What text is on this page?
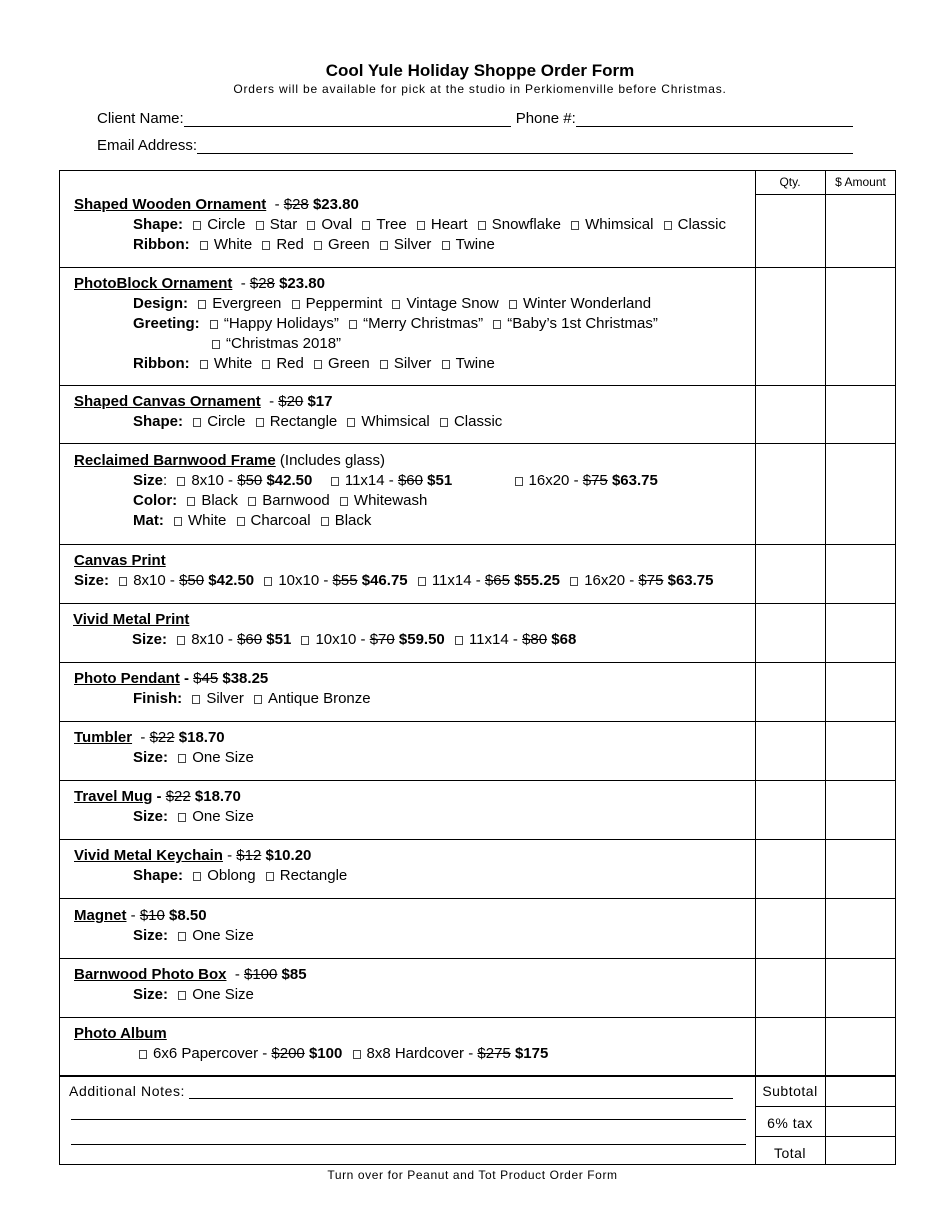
Cool Yule Holiday Shoppe Order Form
Orders will be available for pick at the studio in Perkiomenville before Christmas.
Client Name:	Phone #:
Email Address:
Qty.	$ Amount
Shaped Wooden Ornament  - $28 $23.80
Shape: Circle Star Oval Tree Heart Snowflake Whimsical Classic
Ribbon: White Red Green Silver Twine
PhotoBlock Ornament  - $28 $23.80
Design: Evergreen Peppermint Vintage Snow Winter Wonderland
Greeting: “Happy Holidays” “Merry Christmas” “Baby’s 1st Christmas”
“Christmas 2018”
Ribbon: White Red Green Silver Twine
Shaped Canvas Ornament  - $20 $17
Shape: Circle Rectangle Whimsical Classic
Reclaimed Barnwood Frame (Includes glass)
Size: 8x10 - $50 $42.50 11x14 - $60 $51	16x20 - $75 $63.75
Color: Black Barnwood Whitewash
Mat: White Charcoal Black
Canvas Print
Size: 8x10 - $50 $42.50 10x10 - $55 $46.75 11x14 - $65 $55.25 16x20 - $75 $63.75
Vivid Metal Print
Size: 8x10 - $60 $51 10x10 - $70 $59.50 11x14 - $80 $68
Photo Pendant - $45 $38.25
Finish: Silver Antique Bronze
Tumbler  - $22 $18.70
Size: One Size
Travel Mug - $22 $18.70
Size: One Size
Vivid Metal Keychain - $12 $10.20
Shape: Oblong Rectangle
Magnet - $10 $8.50
Size: One Size
Barnwood Photo Box  - $100 $85
Size: One Size
Photo Album
6x6 Papercover - $200 $100 8x8 Hardcover - $275 $175
Additional Notes:	Subtotal
6% tax
Total
Turn over for Peanut and Tot Product Order Form
